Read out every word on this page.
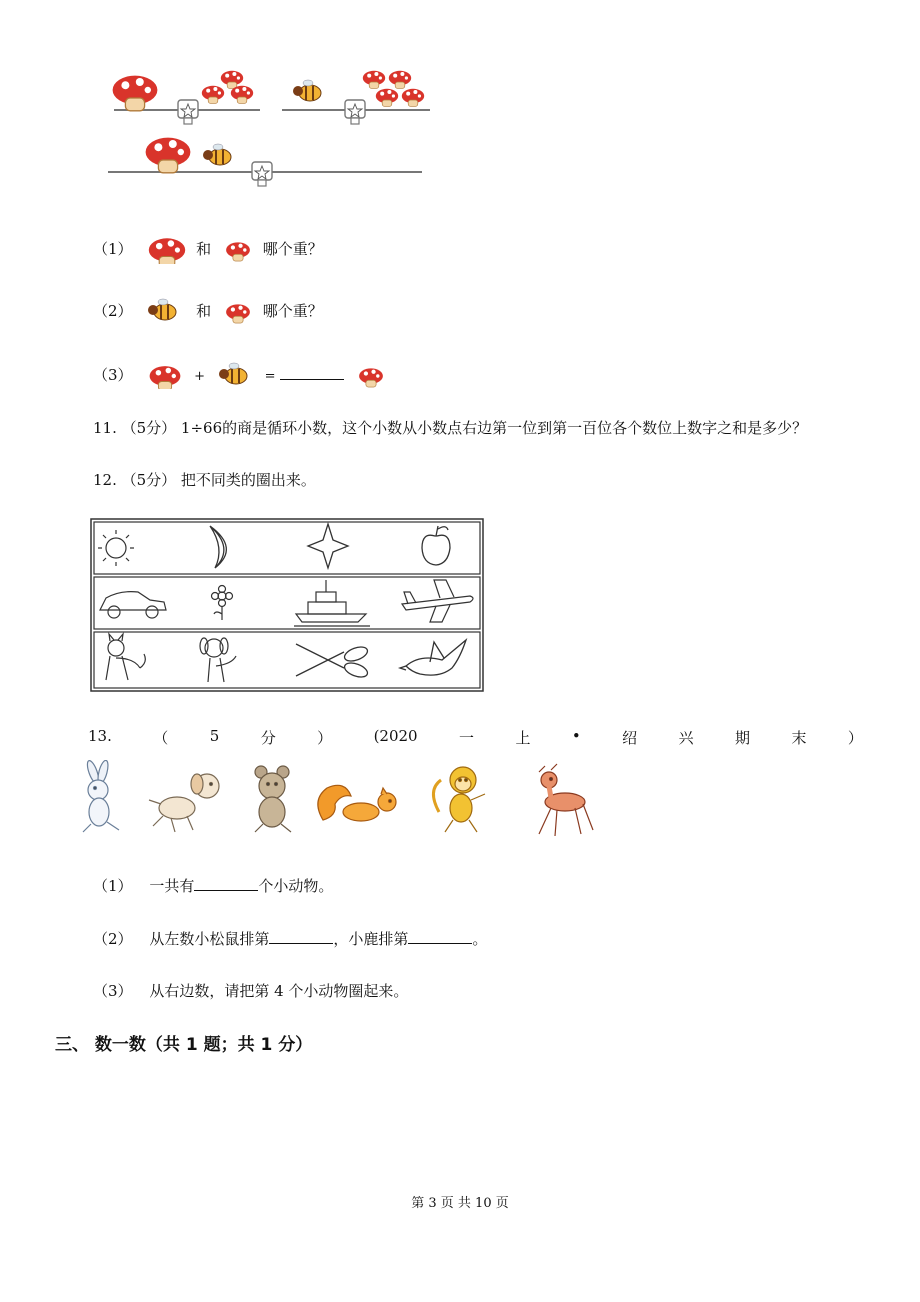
（1）	和	哪个重？
（2）	和	哪个重？
（3）	+	=
11. （5分） 1÷66的商是循环小数，这个小数从小数点右边第一位到第一百位各个数位上数字之和是多少？
12. （5分） 把不同类的圈出来。
13.	（	5	分	）	(2020	一	上	•	绍	兴	期	末	）
（1） 一共有	个小动物。
（2） 从左数小松鼠排第	，小鹿排第	。
（3） 从右边数，请把第 4 个小动物圈起来。
三、 数一数（共 1 题；共 1 分）
第 3 页 共 10 页
